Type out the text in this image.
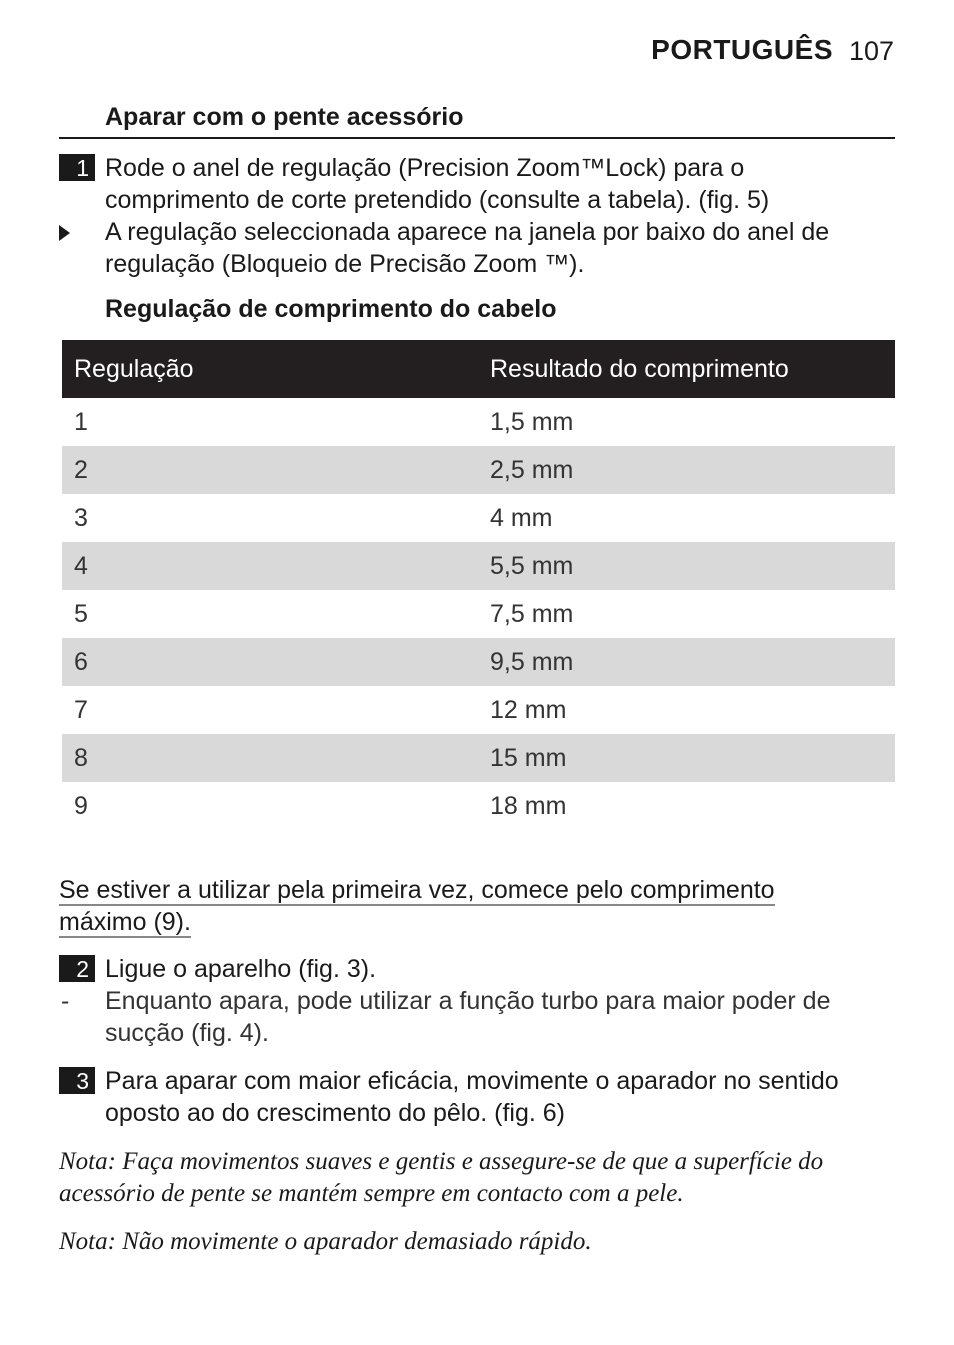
PORTUGUÊS 107
Aparar com o pente acessório
1 Rode o anel de regulação (Precision Zoom™Lock) para o comprimento de corte pretendido (consulte a tabela). (fig. 5)
A regulação seleccionada aparece na janela por baixo do anel de regulação (Bloqueio de Precisão Zoom ™).
Regulação de comprimento do cabelo
Regulação	Resultado do comprimento
1	1,5 mm
2	2,5 mm
3	4 mm
4	5,5 mm
5	7,5 mm
6	9,5 mm
7	12 mm
8	15 mm
9	18 mm
Se estiver a utilizar pela primeira vez, comece pelo comprimento máximo (9).
2 Ligue o aparelho (fig. 3).
- Enquanto apara, pode utilizar a função turbo para maior poder de sucção (fig. 4).
3 Para aparar com maior eficácia, movimente o aparador no sentido oposto ao do crescimento do pêlo. (fig. 6)
Nota: Faça movimentos suaves e gentis e assegure-se de que a superfície do acessório de pente se mantém sempre em contacto com a pele.
Nota: Não movimente o aparador demasiado rápido.
